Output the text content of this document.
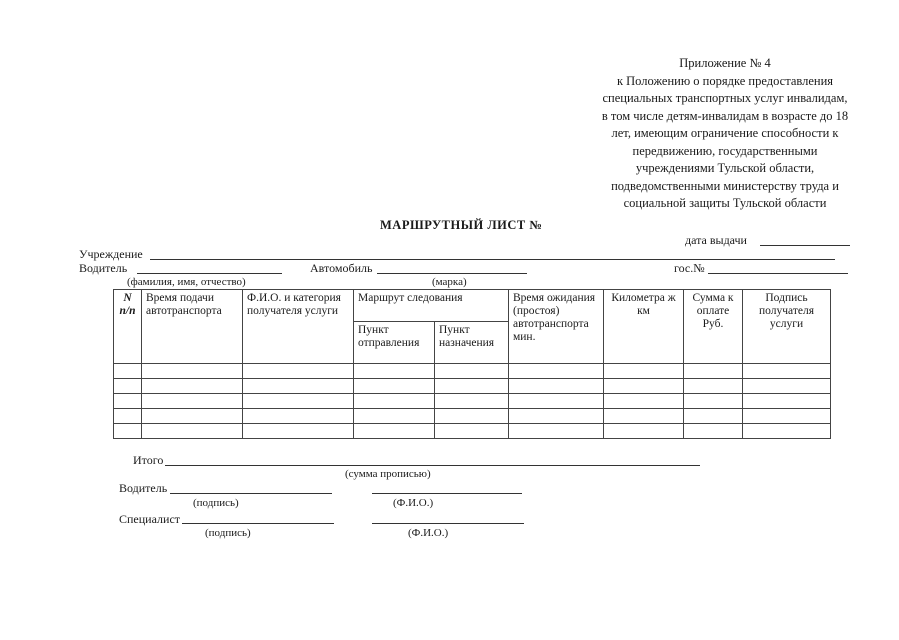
Приложение № 4
к Положению о порядке предоставления
специальных транспортных услуг инвалидам,
в том числе детям-инвалидам в возрасте до 18
лет, имеющим ограничение способности к
передвижению, государственными
учреждениями Тульской области,
подведомственными министерству труда и
социальной защиты Тульской области
МАРШРУТНЫЙ ЛИСТ №
дата выдачи
Учреждение
Водитель	Автомобиль	гос.№
(фамилия, имя, отчество)	(марка)
N п/п	Время подачи автотранспорта	Ф.И.О. и категория получателя услуги	Маршрут следования		Время ожидания (простоя) автотранспорта мин.	Километра ж км	Сумма к оплате Руб.	Подпись получателя услуги
			Пункт отправления	Пункт назначения				

Итого
(сумма прописью)
Водитель
(подпись)	(Ф.И.О.)
Специалист
(подпись)	(Ф.И.О.)
